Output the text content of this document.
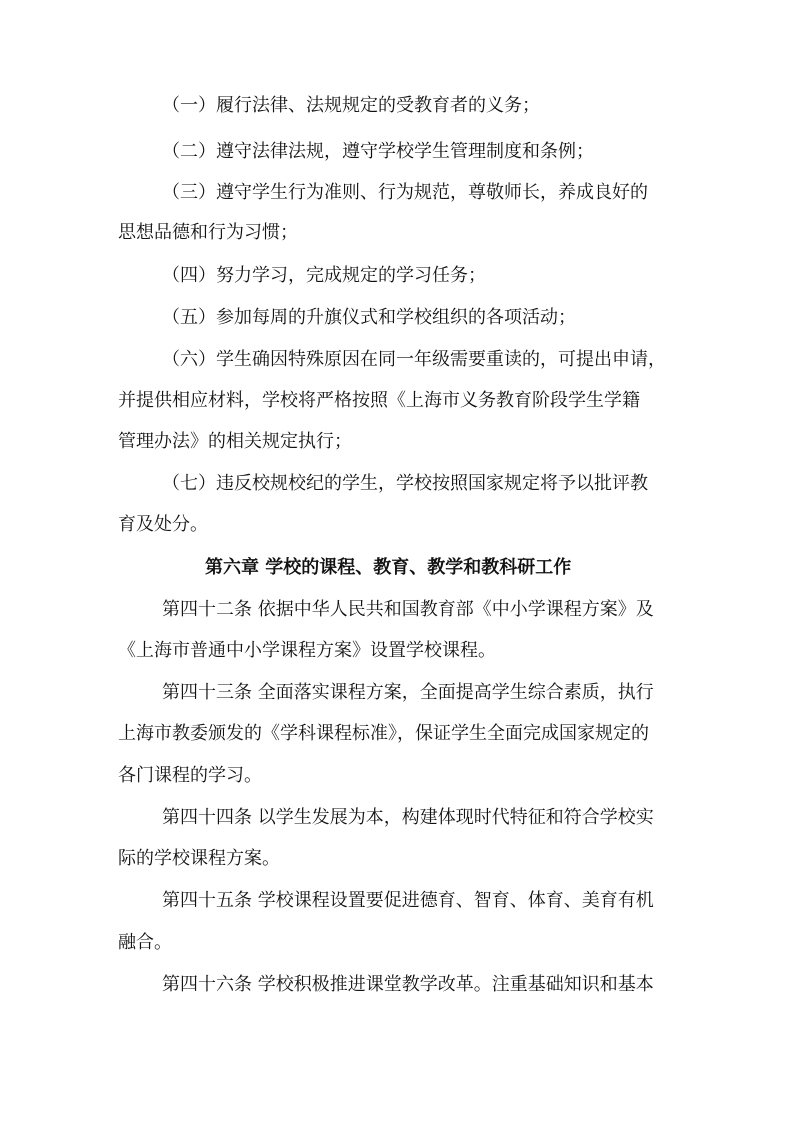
（一）履行法律、法规规定的受教育者的义务；
（二）遵守法律法规，遵守学校学生管理制度和条例；
（三）遵守学生行为准则、行为规范，尊敬师长，养成良好的
思想品德和行为习惯；
（四）努力学习，完成规定的学习任务；
（五）参加每周的升旗仪式和学校组织的各项活动；
（六）学生确因特殊原因在同一年级需要重读的，可提出申请，
并提供相应材料，学校将严格按照《上海市义务教育阶段学生学籍
管理办法》的相关规定执行；
（七）违反校规校纪的学生，学校按照国家规定将予以批评教
育及处分。
第六章 学校的课程、教育、教学和教科研工作
第四十二条 依据中华人民共和国教育部《中小学课程方案》及
《上海市普通中小学课程方案》设置学校课程。
第四十三条 全面落实课程方案，全面提高学生综合素质，执行
上海市教委颁发的《学科课程标准》，保证学生全面完成国家规定的
各门课程的学习。
第四十四条 以学生发展为本，构建体现时代特征和符合学校实
际的学校课程方案。
第四十五条 学校课程设置要促进德育、智育、体育、美育有机
融合。
第四十六条 学校积极推进课堂教学改革。注重基础知识和基本
